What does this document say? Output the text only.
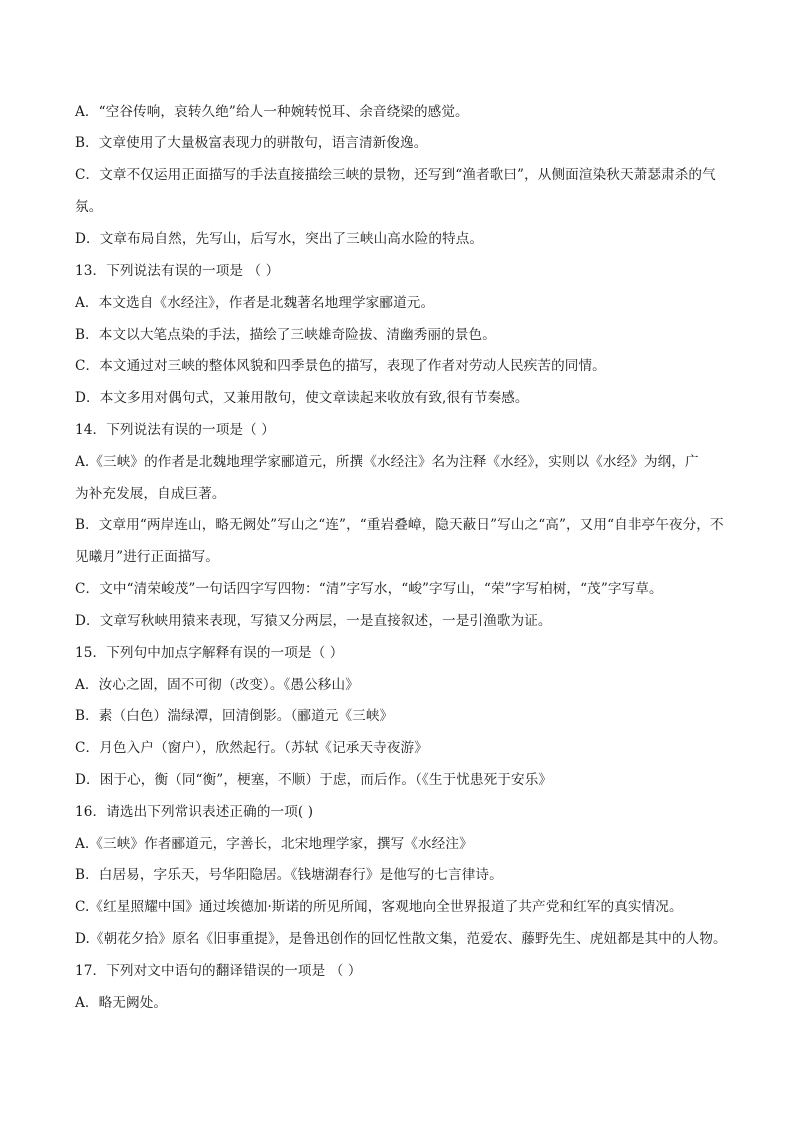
A．“空谷传响，哀转久绝”给人一种婉转悦耳、余音绕梁的感觉。
B．文章使用了大量极富表现力的骈散句，语言清新俊逸。
C．文章不仅运用正面描写的手法直接描绘三峡的景物，还写到“渔者歌曰”，从侧面渲染秋天萧瑟肃杀的气
氛。
D．文章布局自然，先写山，后写水，突出了三峡山高水险的特点。
13．下列说法有误的一项是 （ ）
A．本文选自《水经注》，作者是北魏著名地理学家郦道元。
B．本文以大笔点染的手法，描绘了三峡雄奇险拔、清幽秀丽的景色。
C．本文通过对三峡的整体风貌和四季景色的描写，表现了作者对劳动人民疾苦的同情。
D．本文多用对偶句式，又兼用散句，使文章读起来收放有致,很有节奏感。
14．下列说法有误的一项是（ ）
A.《三峡》的作者是北魏地理学家郦道元，所撰《水经注》名为注释《水经》，实则以《水经》为纲，广
为补充发展，自成巨著。
B．文章用“两岸连山，略无阙处”写山之“连”，“重岩叠嶂，隐天蔽日”写山之“高”，又用“自非亭午夜分，不
见曦月”进行正面描写。
C．文中“清荣峻茂”一句话四字写四物：“清”字写水，“峻”字写山，“荣”字写柏树，“茂”字写草。
D．文章写秋峡用猿来表现，写猿又分两层，一是直接叙述，一是引渔歌为证。
15．下列句中加点字解释有误的一项是（ ）
A．汝心之固，固不可彻（改变）。《愚公移山》
B．素（白色）湍绿潭，回清倒影。（郦道元《三峡》
C．月色入户（窗户），欣然起行。（苏轼《记承天寺夜游》
D．困于心，衡（同“衡”，梗塞，不顺）于虑，而后作。（《生于忧患死于安乐》
16．请选出下列常识表述正确的一项( )
A.《三峡》作者郦道元，字善长，北宋地理学家，撰写《水经注》
B．白居易，字乐天，号华阳隐居。《钱塘湖春行》是他写的七言律诗。
C.《红星照耀中国》通过埃德加·斯诺的所见所闻，客观地向全世界报道了共产党和红军的真实情况。
D.《朝花夕拾》原名《旧事重提》，是鲁迅创作的回忆性散文集，范爱农、藤野先生、虎妞都是其中的人物。
17．下列对文中语句的翻译错误的一项是 （ ）
A．略无阙处。
